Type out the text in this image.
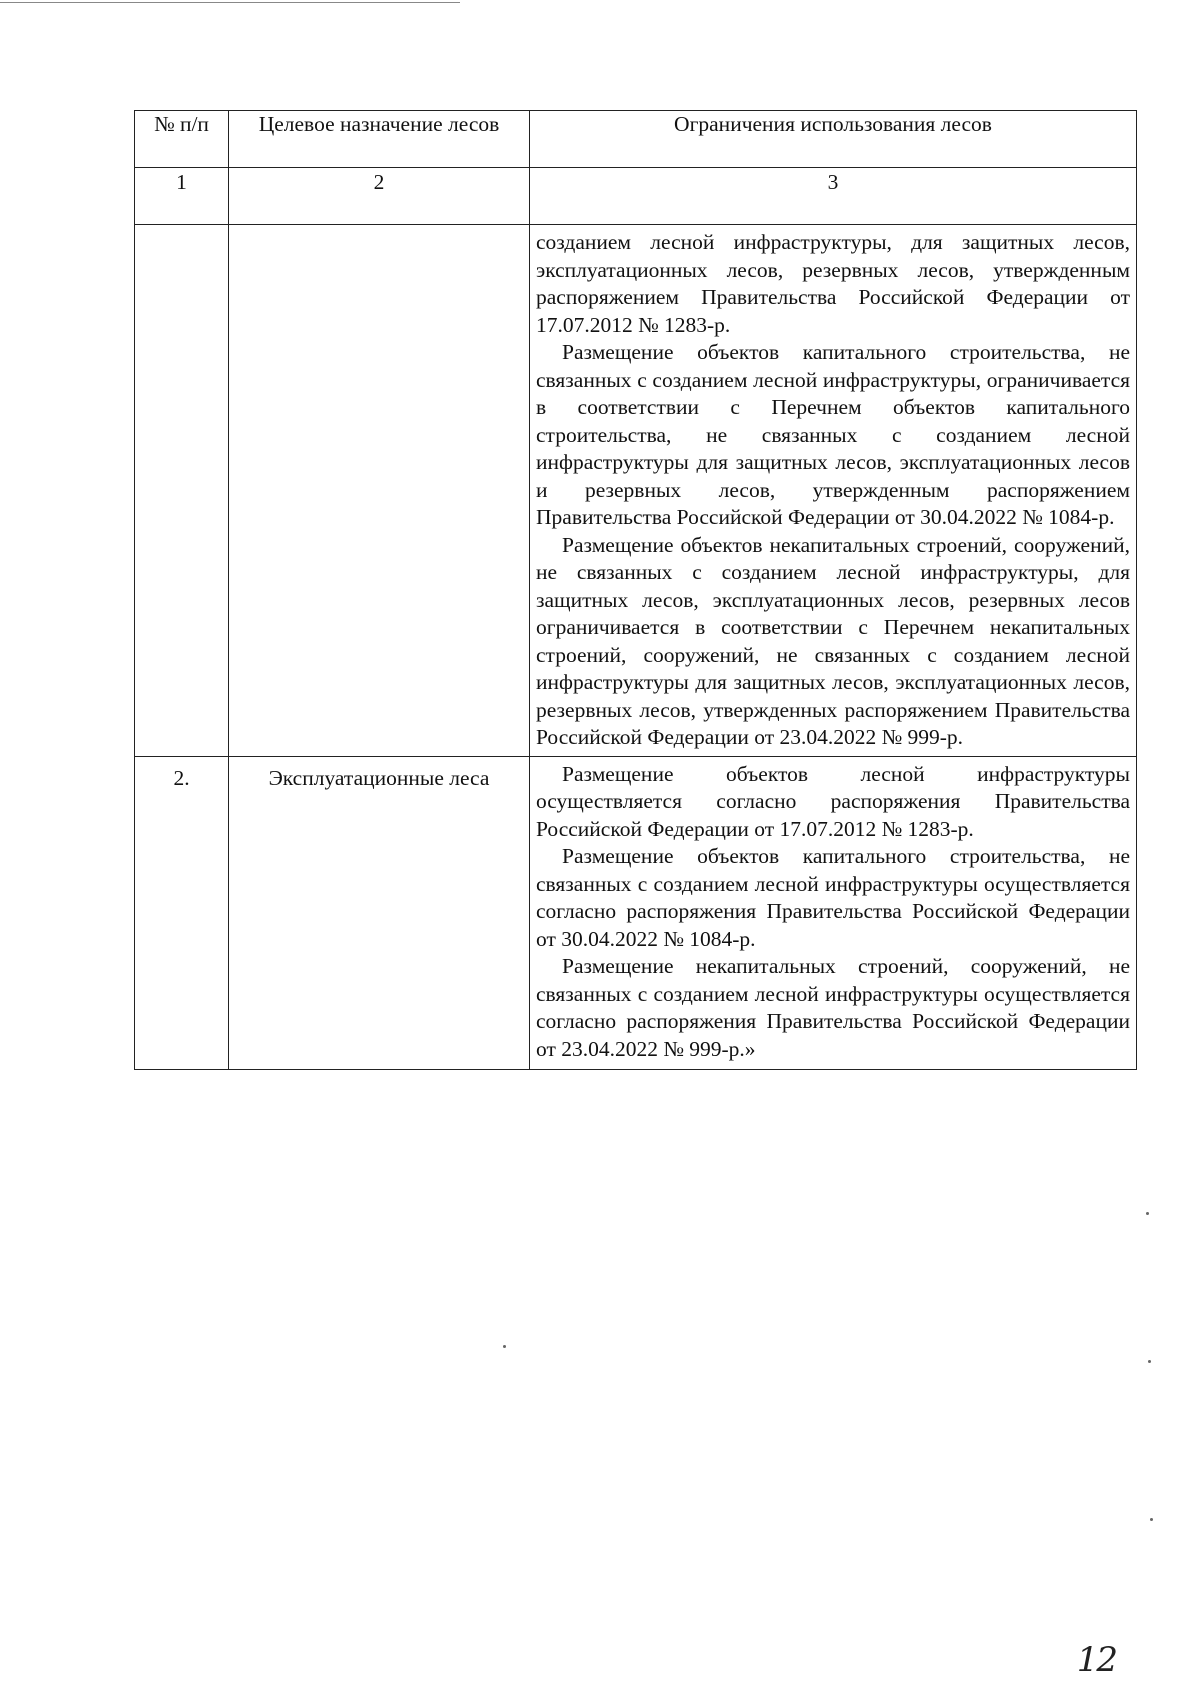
№ п/п	Целевое назначение лесов	Ограничения использования лесов
1	2	3

		созданием лесной инфраструктуры, для защитных лесов, эксплуатационных лесов, резервных лесов, утвержденным распоряжением Правительства Российской Федерации от 17.07.2012 № 1283-р.

Размещение объектов капитального строительства, не связанных с созданием лесной инфраструктуры, ограничивается в соответствии с Перечнем объектов капитального строительства, не связанных с созданием лесной инфраструктуры для защитных лесов, эксплуатационных лесов и резервных лесов, утвержденным распоряжением Правительства Российской Федерации от 30.04.2022 № 1084-р.

Размещение объектов некапитальных строений, сооружений, не связанных с созданием лесной инфраструктуры, для защитных лесов, эксплуатационных лесов, резервных лесов ограничивается в соответствии с Перечнем некапитальных строений, сооружений, не связанных с созданием лесной инфраструктуры для защитных лесов, эксплуатационных лесов, резервных лесов, утвержденных распоряжением Правительства Российской Федерации от 23.04.2022 № 999-р.

2.	Эксплуатационные леса	Размещение объектов лесной инфраструктуры осуществляется согласно распоряжения Правительства Российской Федерации от 17.07.2012 № 1283-р.

Размещение объектов капитального строительства, не связанных с созданием лесной инфраструктуры осуществляется согласно распоряжения Правительства Российской Федерации от 30.04.2022 № 1084-р.

Размещение некапитальных строений, сооружений, не связанных с созданием лесной инфраструктуры осуществляется согласно распоряжения Правительства Российской Федерации от 23.04.2022 № 999-р.»

12
